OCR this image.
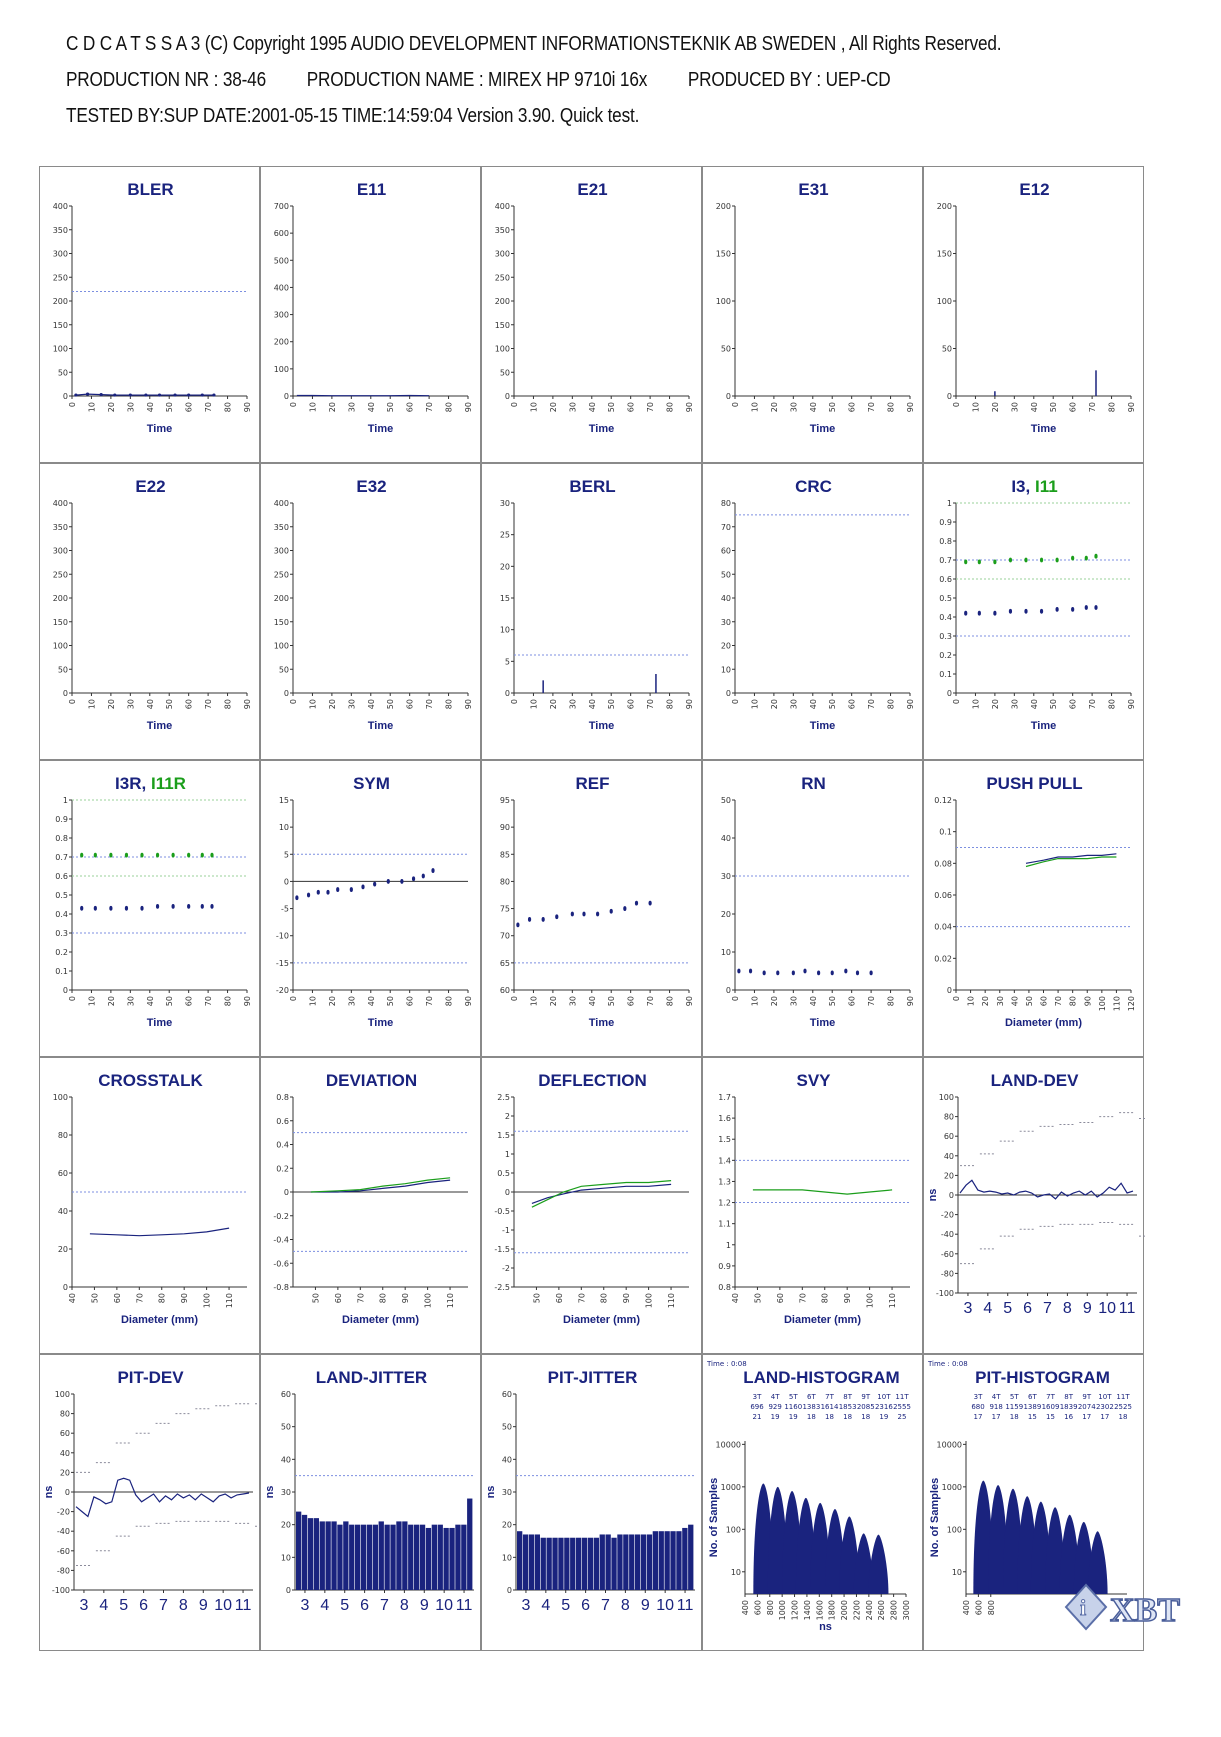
C D C A T S S A 3 (C) Copyright 1995 AUDIO DEVELOPMENT INFORMATIONSTEKNIK AB SWEDEN , All Rights Reserved.
PRODUCTION NR : 38-46 PRODUCTION NAME : MIREX HP 9710i 16x PRODUCED BY : UEP-CD
TESTED BY:SUP DATE:2001-05-15 TIME:14:59:04 Version 3.90. Quick test.
BLER
0
50
100
150
200
250
300
350
400
0 10 20 30 40 50 60 70 80 90
Time
E11
0
100
200
300
400
500
600
700
0 10 20 30 40 50 60 70 80 90
Time
E21
0
50
100
150
200
250
300
350
400
0 10 20 30 40 50 60 70 80 90
Time
E31
0
50
100
150
200
0 10 20 30 40 50 60 70 80 90
Time
E12
0
50
100
150
200
0 10 20 30 40 50 60 70 80 90
Time
E22
0
50
100
150
200
250
300
350
400
0 10 20 30 40 50 60 70 80 90
Time
E32
0
50
100
150
200
250
300
350
400
0 10 20 30 40 50 60 70 80 90
Time
BERL
0
5
10
15
20
25
30
0 10 20 30 40 50 60 70 80 90
Time
CRC
0
10
20
30
40
50
60
70
80
0 10 20 30 40 50 60 70 80 90
Time
I3, I11
0
0.1
0.2
0.3
0.4
0.5
0.6
0.7
0.8
0.9
1
0 10 20 30 40 50 60 70 80 90
Time
I3R, I11R
0
0.1
0.2
0.3
0.4
0.5
0.6
0.7
0.8
0.9
1
0 10 20 30 40 50 60 70 80 90
Time
SYM
-20
-15
-10
-5
0
5
10
15
0 10 20 30 40 50 60 70 80 90
Time
REF
60
65
70
75
80
85
90
95
0 10 20 30 40 50 60 70 80 90
Time
RN
0
10
20
30
40
50
0 10 20 30 40 50 60 70 80 90
Time
PUSH PULL
0
0.02
0.04
0.06
0.08
0.1
0.12
0 10 20 30 40 50 60 70 80 90 100 110 120
Diameter (mm)
CROSSTALK
0
20
40
60
80
100
40 50 60 70 80 90 100 110
Diameter (mm)
DEVIATION
-0.8
-0.6
-0.4
-0.2
0
0.2
0.4
0.6
0.8
50 60 70 80 90 100 110
Diameter (mm)
DEFLECTION
-2.5
-2
-1.5
-1
-0.5
0
0.5
1
1.5
2
2.5
50 60 70 80 90 100 110
Diameter (mm)
SVY
0.8
0.9
1
1.1
1.2
1.3
1.4
1.5
1.6
1.7
40 50 60 70 80 90 100 110
Diameter (mm)
LAND-DEV
-100
-80
-60
-40
-20
0
20
40
60
80
100
3 4 5 6 7 8 9 10 11
ns
PIT-DEV
-100
-80
-60
-40
-20
0
20
40
60
80
100
3 4 5 6 7 8 9 10 11
ns
LAND-JITTER
0
10
20
30
40
50
60
3 4 5 6 7 8 9 10 11
ns
PIT-JITTER
0
10
20
30
40
50
60
3 4 5 6 7 8 9 10 11
ns
Time : 0:08
LAND-HISTOGRAM
10
100
1000
10000
400 600 800 1000 1200 1400 1600 1800 2000 2200 2400 2600 2800 3000
ns
No. of Samples
3T
696
21
4T
929
19
5T
1160
19
6T
1383
18
7T
1614
18
8T
1853
18
9T
2085
18
10T
2316
19
11T
2555
25
Time : 0:08
PIT-HISTOGRAM
10
100
1000
10000
400 600 800
No. of Samples
3T
680
17
4T
918
17
5T
1159
18
6T
1389
15
7T
1609
15
8T
1839
16
9T
2074
17
10T
2302
17
11T
2525
18
i XBT
